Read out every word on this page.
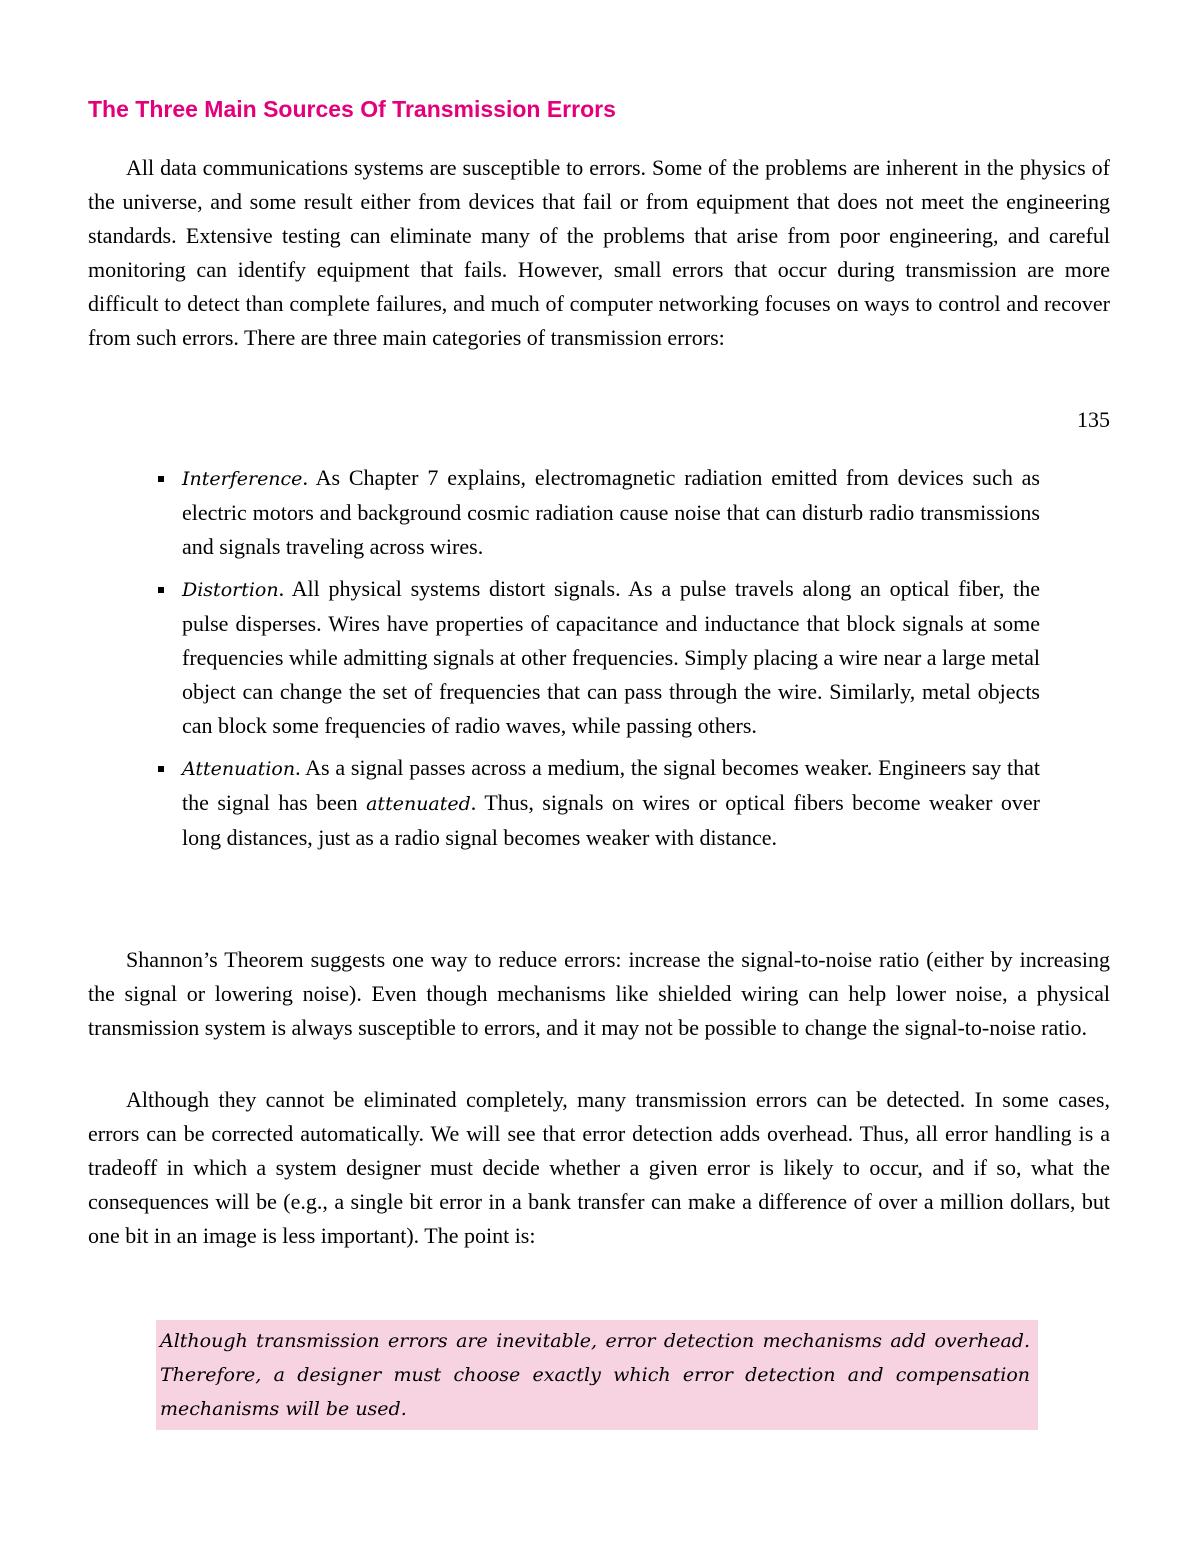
The Three Main Sources Of Transmission Errors

All data communications systems are susceptible to errors. Some of the problems are inherent in the physics of the universe, and some result either from devices that fail or from equipment that does not meet the engineering standards. Extensive testing can eliminate many of the problems that arise from poor engineering, and careful monitoring can identify equipment that fails. However, small errors that occur during transmission are more difficult to detect than complete failures, and much of computer networking focuses on ways to control and recover from such errors. There are three main categories of transmission errors:

135

Interference. As Chapter 7 explains, electromagnetic radiation emitted from devices such as electric motors and background cosmic radiation cause noise that can disturb radio transmissions and signals traveling across wires.
Distortion. All physical systems distort signals. As a pulse travels along an optical fiber, the pulse disperses. Wires have properties of capacitance and inductance that block signals at some frequencies while admitting signals at other frequencies. Simply placing a wire near a large metal object can change the set of frequencies that can pass through the wire. Similarly, metal objects can block some frequencies of radio waves, while passing others.
Attenuation. As a signal passes across a medium, the signal becomes weaker. Engineers say that the signal has been attenuated. Thus, signals on wires or optical fibers become weaker over long distances, just as a radio signal becomes weaker with distance.

Shannon’s Theorem suggests one way to reduce errors: increase the signal-to-noise ratio (either by increasing the signal or lowering noise). Even though mechanisms like shielded wiring can help lower noise, a physical transmission system is always susceptible to errors, and it may not be possible to change the signal-to-noise ratio.

Although they cannot be eliminated completely, many transmission errors can be detected. In some cases, errors can be corrected automatically. We will see that error detection adds overhead. Thus, all error handling is a tradeoff in which a system designer must decide whether a given error is likely to occur, and if so, what the consequences will be (e.g., a single bit error in a bank transfer can make a difference of over a million dollars, but one bit in an image is less important). The point is:

Although transmission errors are inevitable, error detection mechanisms add overhead. Therefore, a designer must choose exactly which error detection and compensation mechanisms will be used.
